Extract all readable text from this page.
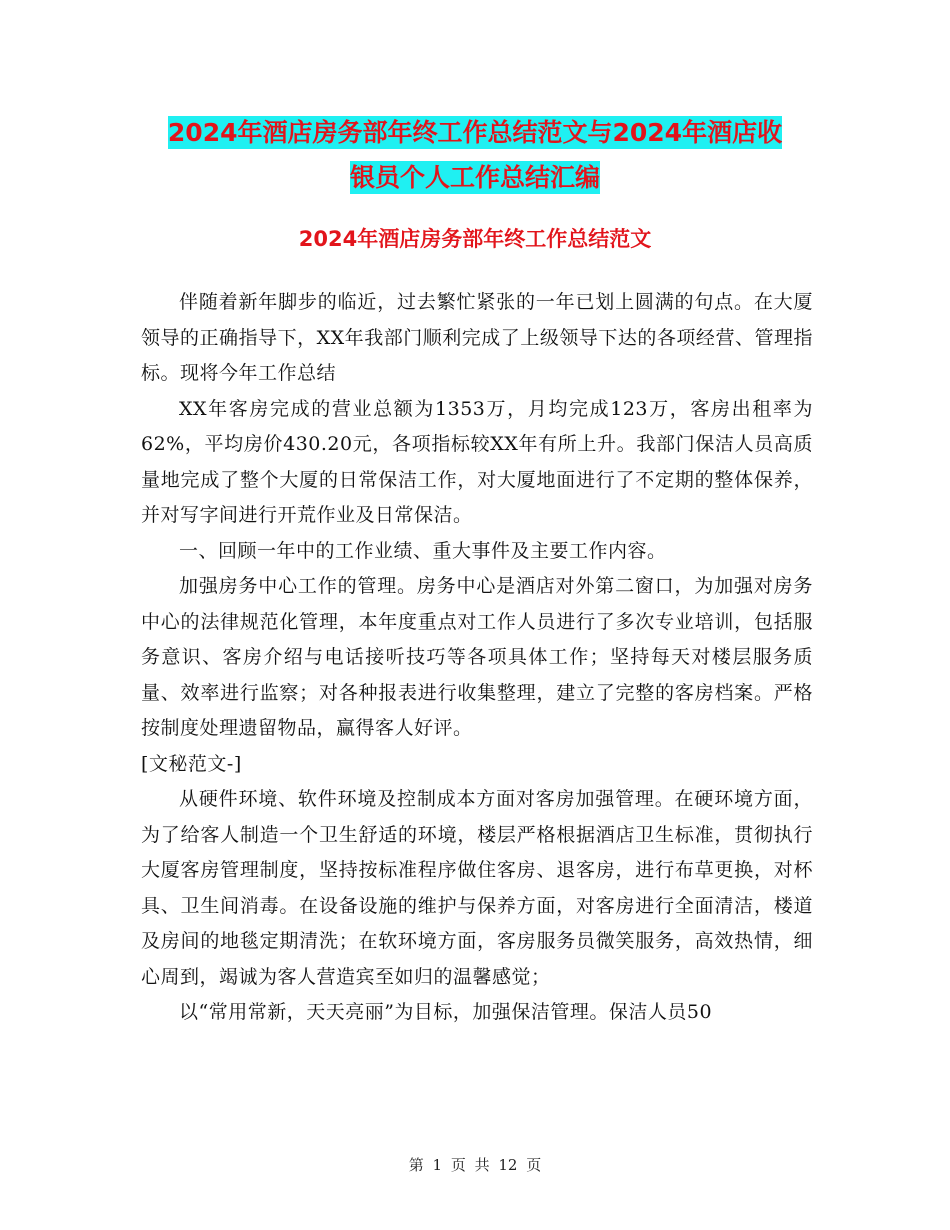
2024年酒店房务部年终工作总结范文与2024年酒店收
银员个人工作总结汇编
2024年酒店房务部年终工作总结范文

伴随着新年脚步的临近，过去繁忙紧张的一年已划上圆满的句点。在大厦领导的正确指导下，XX年我部门顺利完成了上级领导下达的各项经营、管理指标。现将今年工作总结

XX年客房完成的营业总额为1353万，月均完成123万，客房出租率为62%，平均房价430.20元，各项指标较XX年有所上升。我部门保洁人员高质量地完成了整个大厦的日常保洁工作，对大厦地面进行了不定期的整体保养，并对写字间进行开荒作业及日常保洁。

一、回顾一年中的工作业绩、重大事件及主要工作内容。

加强房务中心工作的管理。房务中心是酒店对外第二窗口，为加强对房务中心的法律规范化管理，本年度重点对工作人员进行了多次专业培训，包括服务意识、客房介绍与电话接听技巧等各项具体工作；坚持每天对楼层服务质量、效率进行监察；对各种报表进行收集整理，建立了完整的客房档案。严格按制度处理遗留物品，赢得客人好评。

[文秘范文-]

从硬件环境、软件环境及控制成本方面对客房加强管理。在硬环境方面，为了给客人制造一个卫生舒适的环境，楼层严格根据酒店卫生标准，贯彻执行大厦客房管理制度，坚持按标准程序做住客房、退客房，进行布草更换，对杯具、卫生间消毒。在设备设施的维护与保养方面，对客房进行全面清洁，楼道及房间的地毯定期清洗；在软环境方面，客房服务员微笑服务，高效热情，细心周到，竭诚为客人营造宾至如归的温馨感觉；

以“常用常新，天天亮丽”为目标，加强保洁管理。保洁人员50

第 1 页 共 12 页
